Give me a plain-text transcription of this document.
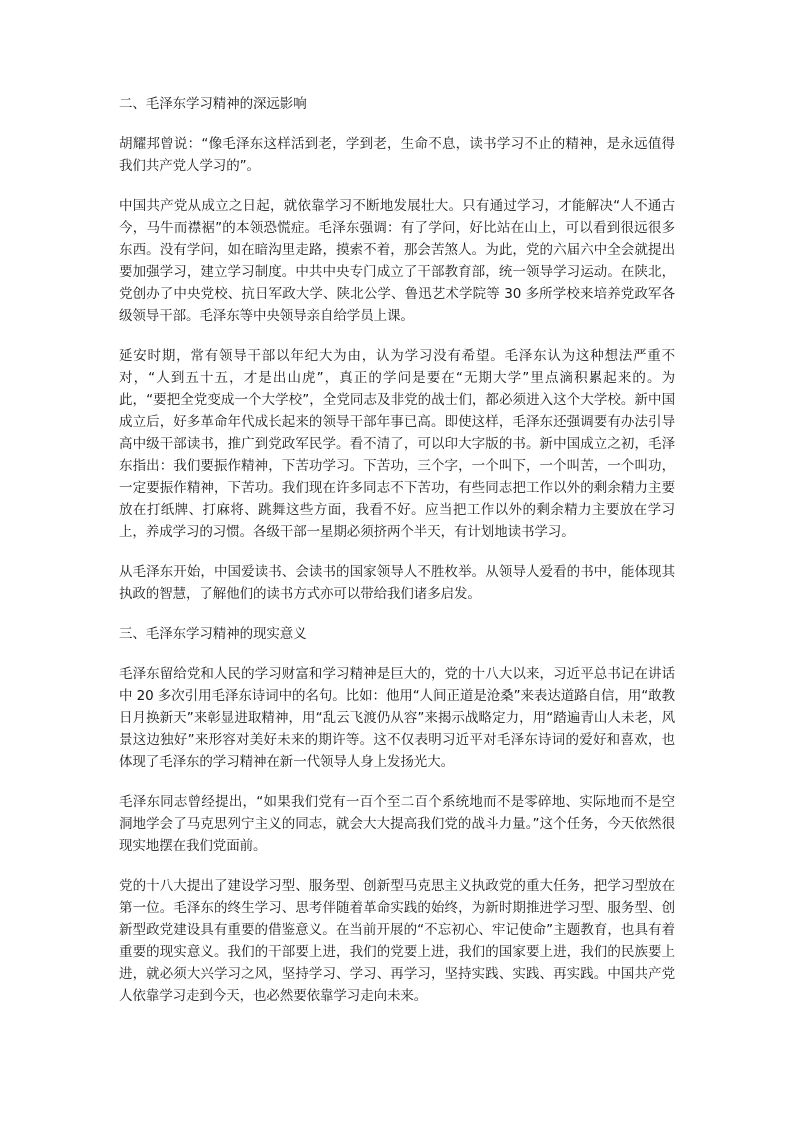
二、毛泽东学习精神的深远影响

胡耀邦曾说：“像毛泽东这样活到老，学到老，生命不息，读书学习不止的精神，是永远值得我们共产党人学习的”。

中国共产党从成立之日起，就依靠学习不断地发展壮大。只有通过学习，才能解决“人不通古今，马牛而襟裾”的本领恐慌症。毛泽东强调：有了学问，好比站在山上，可以看到很远很多东西。没有学问，如在暗沟里走路，摸索不着，那会苦煞人。为此，党的六届六中全会就提出要加强学习，建立学习制度。中共中央专门成立了干部教育部，统一领导学习运动。在陕北，党创办了中央党校、抗日军政大学、陕北公学、鲁迅艺术学院等 30 多所学校来培养党政军各级领导干部。毛泽东等中央领导亲自给学员上课。

延安时期，常有领导干部以年纪大为由，认为学习没有希望。毛泽东认为这种想法严重不对，“人到五十五，才是出山虎”，真正的学问是要在“无期大学”里点滴积累起来的。为此，“要把全党变成一个大学校”，全党同志及非党的战士们，都必须进入这个大学校。新中国成立后，好多革命年代成长起来的领导干部年事已高。即使这样，毛泽东还强调要有办法引导高中级干部读书，推广到党政军民学。看不清了，可以印大字版的书。新中国成立之初，毛泽东指出：我们要振作精神，下苦功学习。下苦功，三个字，一个叫下，一个叫苦，一个叫功，一定要振作精神，下苦功。我们现在许多同志不下苦功，有些同志把工作以外的剩余精力主要放在打纸牌、打麻将、跳舞这些方面，我看不好。应当把工作以外的剩余精力主要放在学习上，养成学习的习惯。各级干部一星期必须挤两个半天，有计划地读书学习。

从毛泽东开始，中国爱读书、会读书的国家领导人不胜枚举。从领导人爱看的书中，能体现其执政的智慧，了解他们的读书方式亦可以带给我们诸多启发。

三、毛泽东学习精神的现实意义

毛泽东留给党和人民的学习财富和学习精神是巨大的，党的十八大以来，习近平总书记在讲话中 20 多次引用毛泽东诗词中的名句。比如：他用“人间正道是沧桑”来表达道路自信，用“敢教日月换新天”来彰显进取精神，用“乱云飞渡仍从容”来揭示战略定力，用“踏遍青山人未老，风景这边独好”来形容对美好未来的期许等。这不仅表明习近平对毛泽东诗词的爱好和喜欢，也体现了毛泽东的学习精神在新一代领导人身上发扬光大。

毛泽东同志曾经提出，“如果我们党有一百个至二百个系统地而不是零碎地、实际地而不是空洞地学会了马克思列宁主义的同志，就会大大提高我们党的战斗力量。”这个任务，今天依然很现实地摆在我们党面前。

党的十八大提出了建设学习型、服务型、创新型马克思主义执政党的重大任务，把学习型放在第一位。毛泽东的终生学习、思考伴随着革命实践的始终，为新时期推进学习型、服务型、创新型政党建设具有重要的借鉴意义。在当前开展的“不忘初心、牢记使命”主题教育，也具有着重要的现实意义。我们的干部要上进，我们的党要上进，我们的国家要上进，我们的民族要上进，就必须大兴学习之风，坚持学习、学习、再学习，坚持实践、实践、再实践。中国共产党人依靠学习走到今天，也必然要依靠学习走向未来。
